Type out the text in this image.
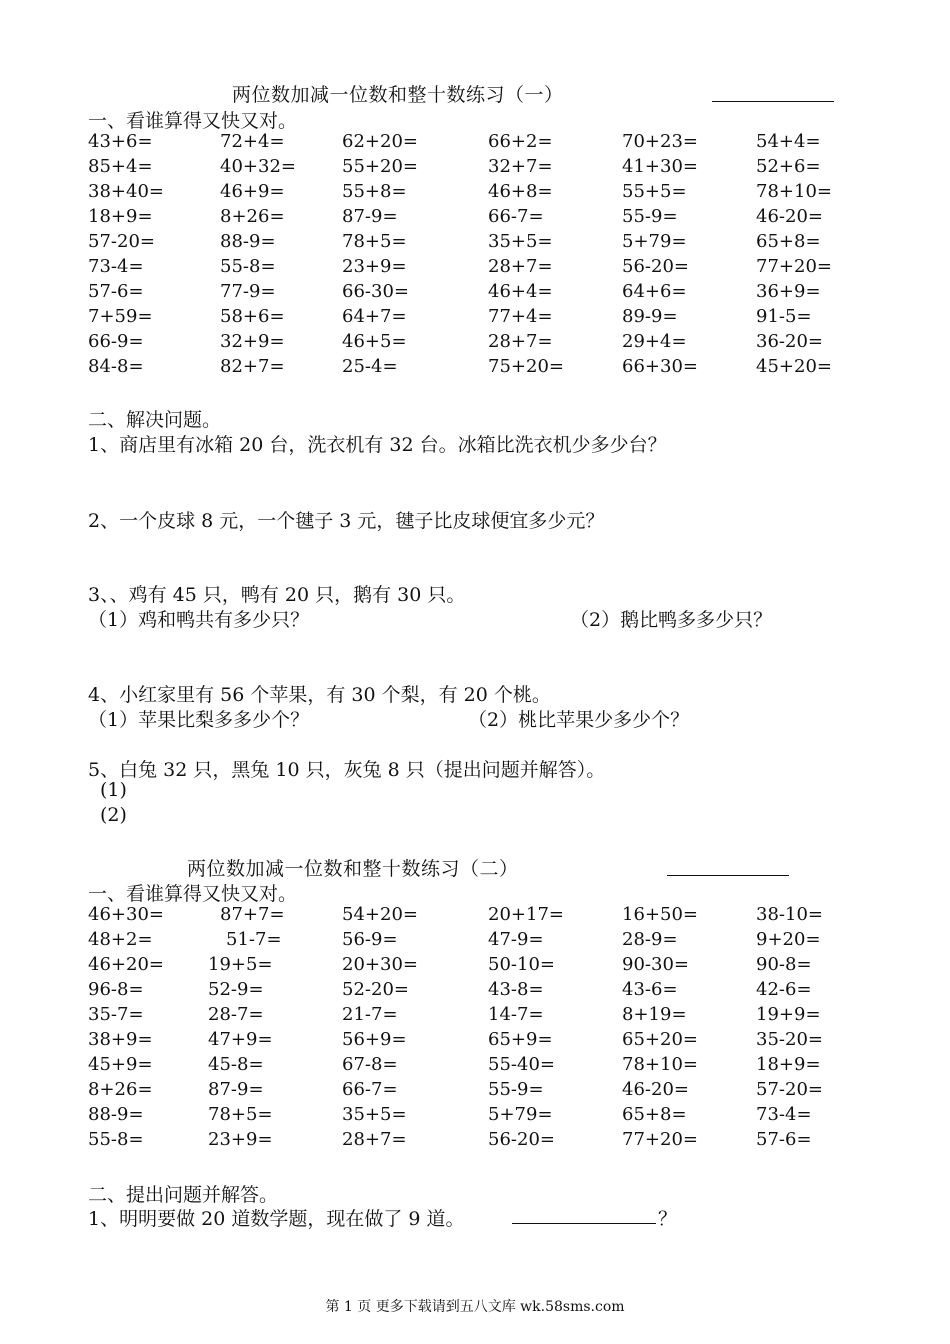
两位数加减一位数和整十数练习（一）
一、看谁算得又快又对。
43+6=	72+4=	62+20=	66+2=	70+23=	54+4=
85+4=	40+32=	55+20=	32+7=	41+30=	52+6=
38+40=	46+9=	55+8=	46+8=	55+5=	78+10=
18+9=	8+26=	87-9=	66-7=	55-9=	46-20=
57-20=	88-9=	78+5=	35+5=	5+79=	65+8=
73-4=	55-8=	23+9=	28+7=	56-20=	77+20=
57-6=	77-9=	66-30=	46+4=	64+6=	36+9=
7+59=	58+6=	64+7=	77+4=	89-9=	91-5=
66-9=	32+9=	46+5=	28+7=	29+4=	36-20=
84-8=	82+7=	25-4=	75+20=	66+30=	45+20=
二、解决问题。
1、商店里有冰箱 20 台，洗衣机有 32 台。冰箱比洗衣机少多少台？
2、一个皮球 8 元，一个毽子 3 元，毽子比皮球便宜多少元？
3、、鸡有 45 只，鸭有 20 只，鹅有 30 只。
（1）鸡和鸭共有多少只？	（2）鹅比鸭多多少只？
4、小红家里有 56 个苹果，有 30 个梨，有 20 个桃。
（1）苹果比梨多多少个？	（2）桃比苹果少多少个？
5、白兔 32 只，黑兔 10 只，灰兔 8 只（提出问题并解答）。
(1)
(2)
两位数加减一位数和整十数练习（二）
一、看谁算得又快又对。
46+30=	87+7=	54+20=	20+17=	16+50=	38-10=
48+2=	51-7=	56-9=	47-9=	28-9=	9+20=
46+20= 19+5=	20+30=	50-10=	90-30=	90-8=
96-8=	52-9=	52-20=	43-8=	43-6=	42-6=
35-7=	28-7=	21-7=	14-7=	8+19=	19+9=
38+9=	47+9=	56+9=	65+9=	65+20=	35-20=
45+9=	45-8=	67-8=	55-40=	78+10=	18+9=
8+26=	87-9=	66-7=	55-9=	46-20=	57-20=
88-9=	78+5=	35+5=	5+79=	65+8=	73-4=
55-8=	23+9=	28+7=	56-20=	77+20=	57-6=
二、提出问题并解答。
1、明明要做 20 道数学题，现在做了 9 道。	？
第 1 页 更多下载请到五八文库 wk.58sms.com
